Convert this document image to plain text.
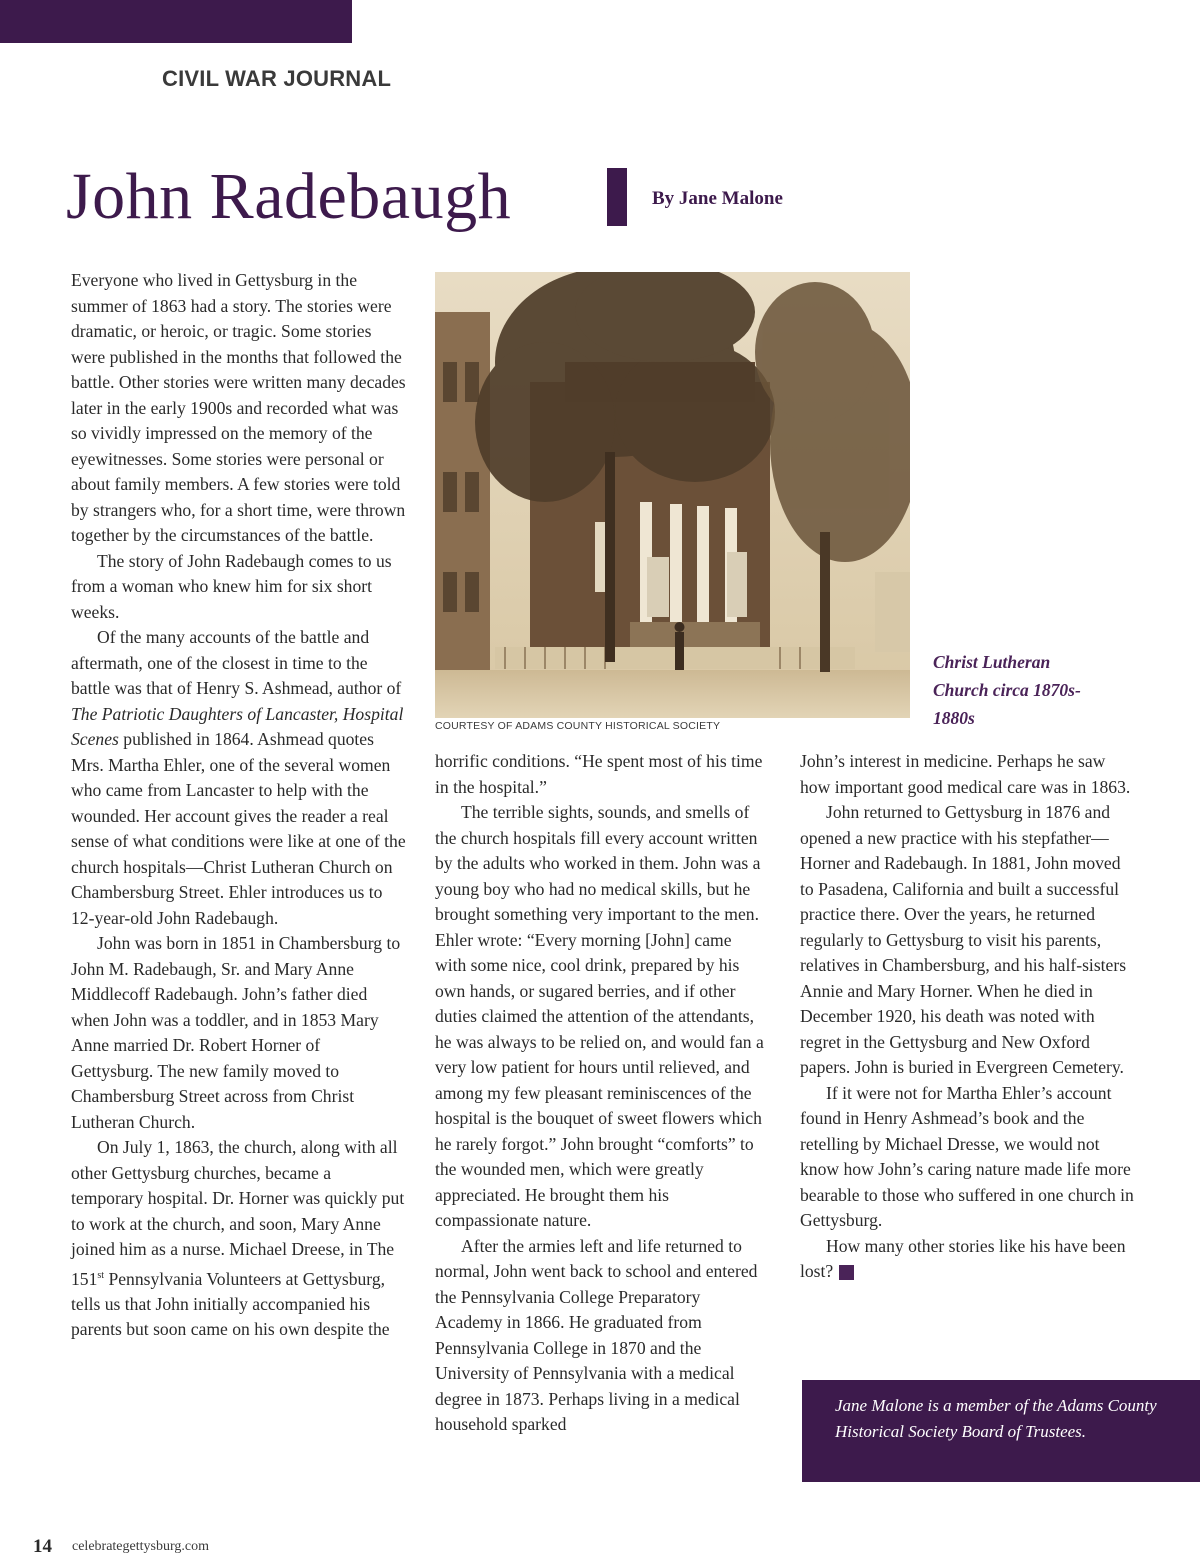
CIVIL WAR JOURNAL
John Radebaugh	By Jane Malone

Everyone who lived in Gettysburg in the summer of 1863 had a story. The stories were dramatic, or heroic, or tragic. Some stories were published in the months that followed the battle. Other stories were written many decades later in the early 1900s and recorded what was so vividly impressed on the memory of the eyewitnesses. Some stories were personal or about family members. A few stories were told by strangers who, for a short time, were thrown together by the circumstances of the battle.

The story of John Radebaugh comes to us from a woman who knew him for six short weeks.

Of the many accounts of the battle and aftermath, one of the closest in time to the battle was that of Henry S. Ashmead, author of The Patriotic Daughters of Lancaster, Hospital Scenes published in 1864. Ashmead quotes Mrs. Martha Ehler, one of the several women who came from Lancaster to help with the wounded. Her account gives the reader a real sense of what conditions were like at one of the church hospitals—Christ Lutheran Church on Chambersburg Street. Ehler introduces us to 12-year-old John Radebaugh.

John was born in 1851 in Chambersburg to John M. Radebaugh, Sr. and Mary Anne Middlecoff Radebaugh. John’s father died when John was a toddler, and in 1853 Mary Anne married Dr. Robert Horner of Gettysburg. The new family moved to Chambersburg Street across from Christ Lutheran Church.

On July 1, 1863, the church, along with all other Gettysburg churches, became a temporary hospital. Dr. Horner was quickly put to work at the church, and soon, Mary Anne joined him as a nurse. Michael Dreese, in The 151st Pennsylvania Volunteers at Gettysburg, tells us that John initially accompanied his parents but soon came on his own despite the

COURTESY OF ADAMS COUNTY HISTORICAL SOCIETY
Christ Lutheran Church circa 1870s-1880s

horrific conditions. “He spent most of his time in the hospital.”

The terrible sights, sounds, and smells of the church hospitals fill every account written by the adults who worked in them. John was a young boy who had no medical skills, but he brought something very important to the men. Ehler wrote: “Every morning [John] came with some nice, cool drink, prepared by his own hands, or sugared berries, and if other duties claimed the attention of the attendants, he was always to be relied on, and would fan a very low patient for hours until relieved, and among my few pleasant reminiscences of the hospital is the bouquet of sweet flowers which he rarely forgot.” John brought “comforts” to the wounded men, which were greatly appreciated. He brought them his compassionate nature.

After the armies left and life returned to normal, John went back to school and entered the Pennsylvania College Preparatory Academy in 1866. He graduated from Pennsylvania College in 1870 and the University of Pennsylvania with a medical degree in 1873. Perhaps living in a medical household sparked

John’s interest in medicine. Perhaps he saw how important good medical care was in 1863.

John returned to Gettysburg in 1876 and opened a new practice with his stepfather—Horner and Radebaugh. In 1881, John moved to Pasadena, California and built a successful practice there. Over the years, he returned regularly to Gettysburg to visit his parents, relatives in Chambersburg, and his half-sisters Annie and Mary Horner. When he died in December 1920, his death was noted with regret in the Gettysburg and New Oxford papers. John is buried in Evergreen Cemetery.

If it were not for Martha Ehler’s account found in Henry Ashmead’s book and the retelling by Michael Dresse, we would not know how John’s caring nature made life more bearable to those who suffered in one church in Gettysburg.

How many other stories like his have been lost?	G

Jane Malone is a member of the Adams County Historical Society Board of Trustees.
14 celebrategettysburg.com
